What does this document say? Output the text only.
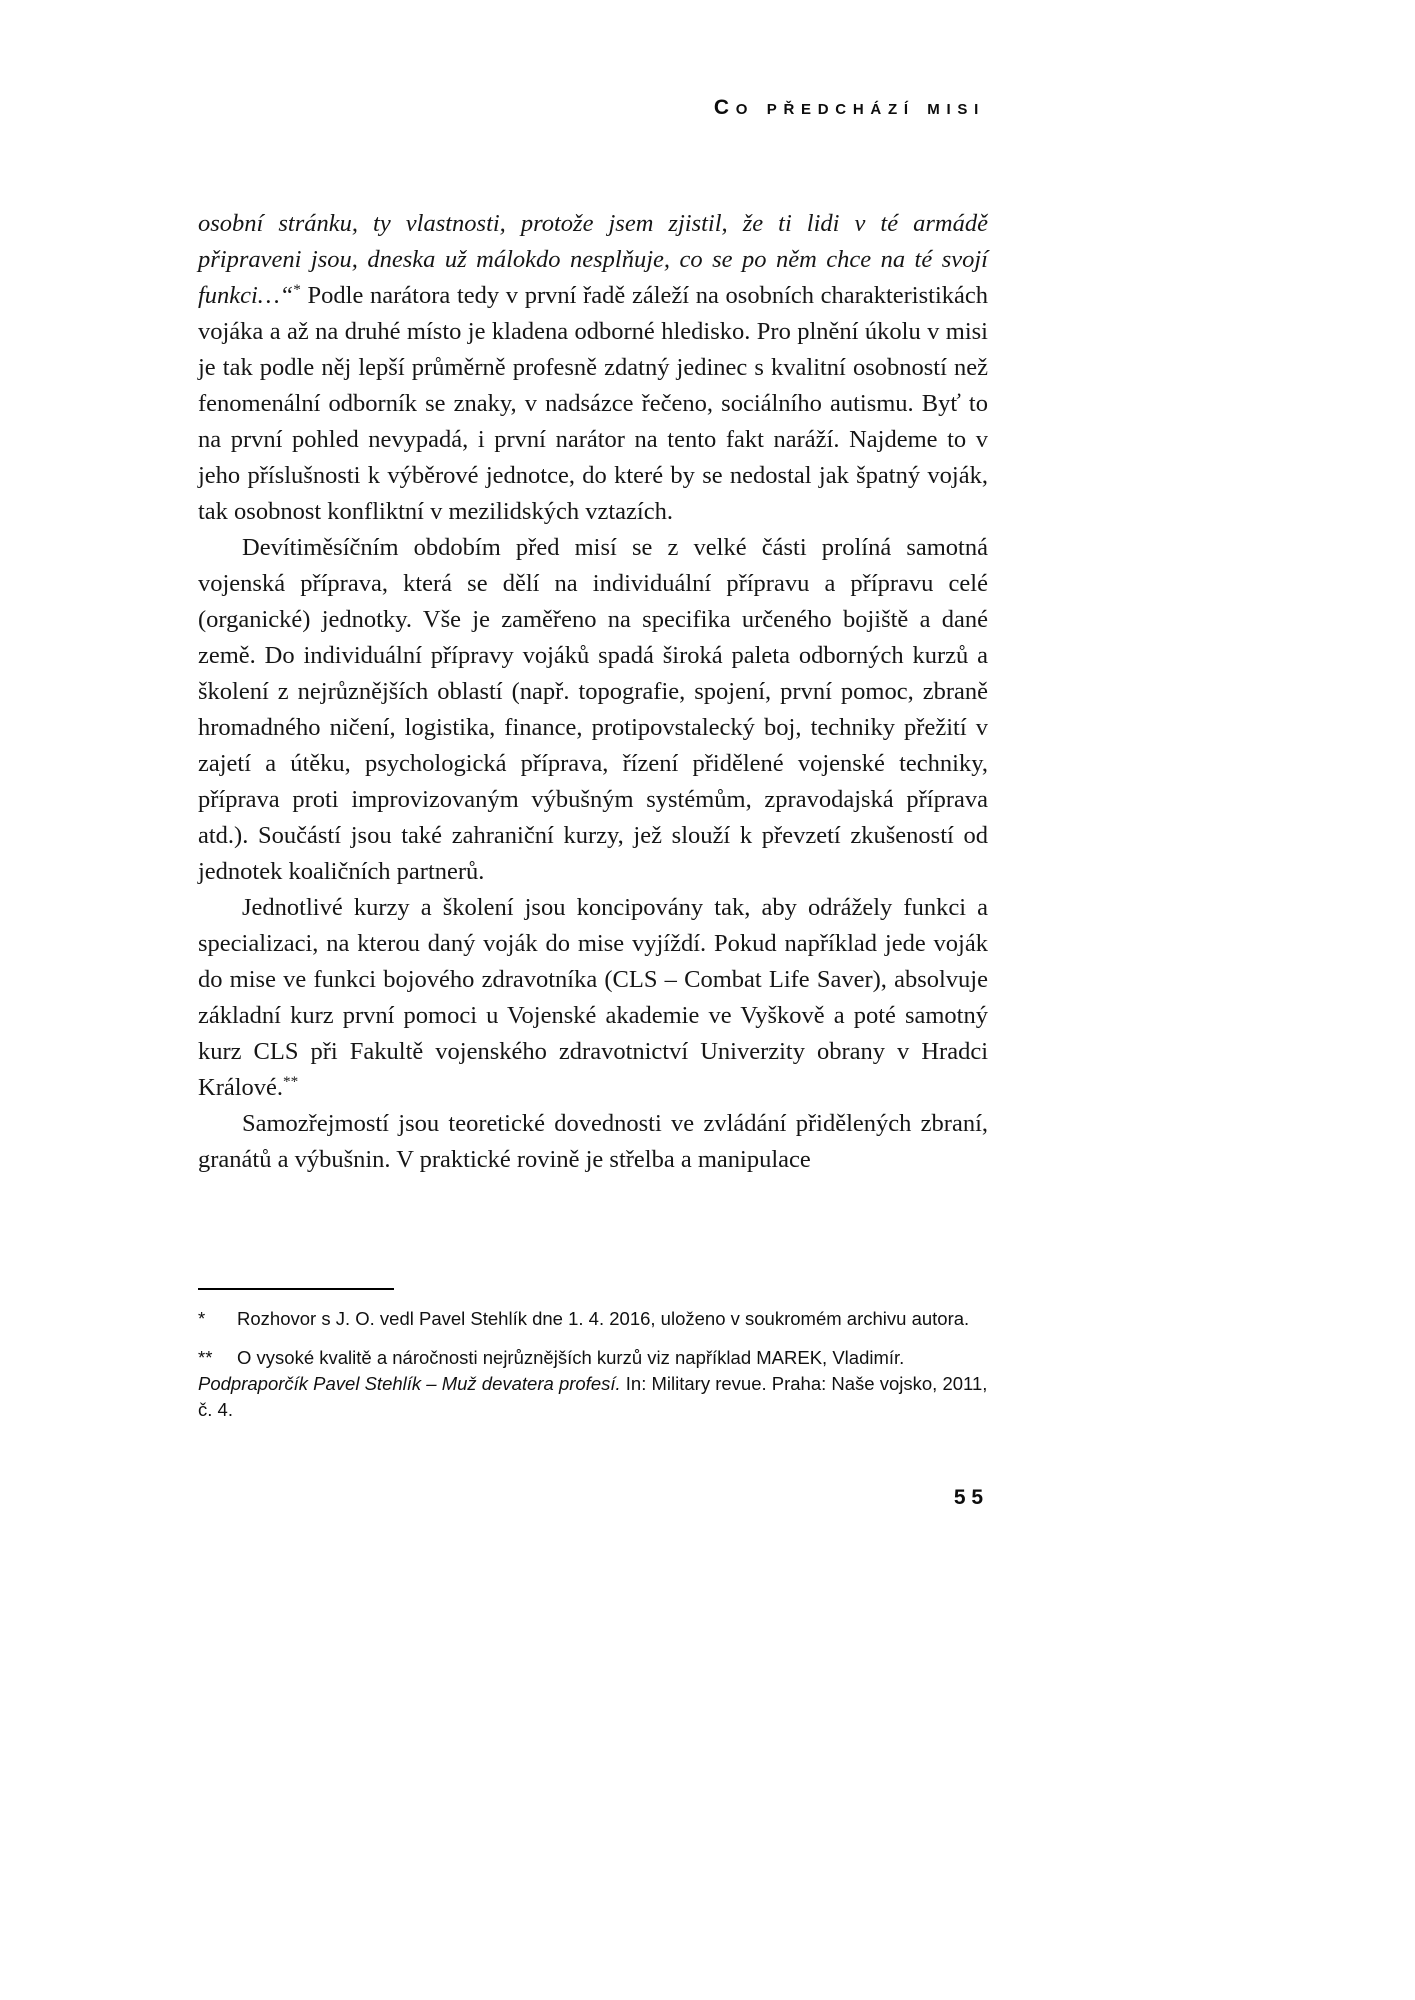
Co předchází misi

osobní stránku, ty vlastnosti, protože jsem zjistil, že ti lidi v té armádě připraveni jsou, dneska už málokdo nesplňuje, co se po něm chce na té svojí funkci…“* Podle narátora tedy v první řadě záleží na osobních charakteristikách vojáka a až na druhé místo je kladena odborné hledisko. Pro plnění úkolu v misi je tak podle něj lepší průměrně profesně zdatný jedinec s kvalitní osobností než fenomenální odborník se znaky, v nadsázce řečeno, sociálního autismu. Byť to na první pohled nevypadá, i první narátor na tento fakt naráží. Najdeme to v jeho příslušnosti k výběrové jednotce, do které by se nedostal jak špatný voják, tak osobnost konfliktní v mezilidských vztazích.

Devítiměsíčním obdobím před misí se z velké části prolíná samotná vojenská příprava, která se dělí na individuální přípravu a přípravu celé (organické) jednotky. Vše je zaměřeno na specifika určeného bojiště a dané země. Do individuální přípravy vojáků spadá široká paleta odborných kurzů a školení z nejrůznějších oblastí (např. topografie, spojení, první pomoc, zbraně hromadného ničení, logistika, finance, protipovstalecký boj, techniky přežití v zajetí a útěku, psychologická příprava, řízení přidělené vojenské techniky, příprava proti improvizovaným výbušným systémům, zpravodajská příprava atd.). Součástí jsou také zahraniční kurzy, jež slouží k převzetí zkušeností od jednotek koaličních partnerů.

Jednotlivé kurzy a školení jsou koncipovány tak, aby odrážely funkci a specializaci, na kterou daný voják do mise vyjíždí. Pokud například jede voják do mise ve funkci bojového zdravotníka (CLS – Combat Life Saver), absolvuje základní kurz první pomoci u Vojenské akademie ve Vyškově a poté samotný kurz CLS při Fakultě vojenského zdravotnictví Univerzity obrany v Hradci Králové.**

Samozřejmostí jsou teoretické dovednosti ve zvládání přidělených zbraní, granátů a výbušnin. V praktické rovině je střelba a manipulace

* Rozhovor s J. O. vedl Pavel Stehlík dne 1. 4. 2016, uloženo v soukromém archivu autora.
** O vysoké kvalitě a náročnosti nejrůznějších kurzů viz například MAREK, Vladimír. Podpraporčík Pavel Stehlík – Muž devatera profesí. In: Military revue. Praha: Naše vojsko, 2011, č. 4.
55
